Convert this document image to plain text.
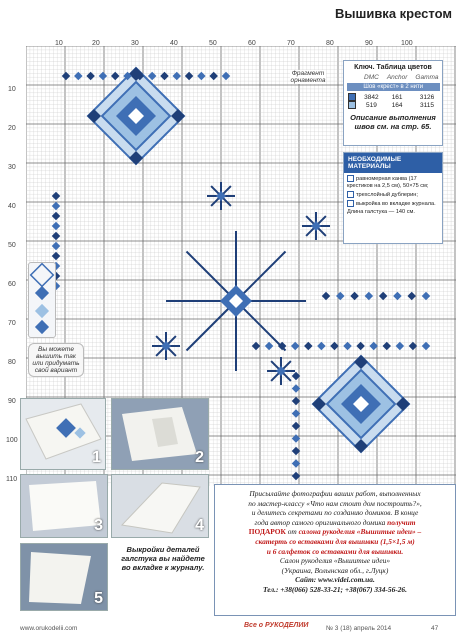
Вышивка крестом
10	20	30	40	50	60	70	80	90	100
10
20
30
40
50
60
70
80
90
100
110
Фрагмент орнамента
Ключ. Таблица цветов
	DMC	Anchor	Gamma

Шов «крест» в 2 нити			

	3842	161	3126
	519	164	3115
Описание выполнения швов см. на стр. 65.
НЕОБХОДИМЫЕ МАТЕРИАЛЫ
равномерная канва (17 крестиков на 2,5 см), 50×75 см;
трехслойный дублерин;
выкройка во вкладке журнала.
Длина галстука — 140 см.
Вы можете вышить так или придумать свой вариант
1	2
3	4
5
Выкройки деталей галстука вы найдете во вкладке к журналу.
Присылайте фотографии ваших работ, выполненных
по мастер-классу «Что нам стоит дом построить?»,
и делитесь секретами по созданию домиков. В конце
года автор самого оригинального домика получит
ПОДАРОК от салона рукоделия «Вышитые идеи» –
скатерть со вставками для вышивки (1,5×1,5 м)
и 6 салфеток со вставками для вышивки.
Салон рукоделия «Вышитые идеи»
(Украина, Волынская обл., г.Луцк)
Сайт: www.videi.com.ua.
Тел.: +38(066) 528-33-21; +38(067) 334-56-26.
www.orukodelii.com	Все о РУКОДЕЛИИ	№ 3 (18) апрель 2014	47
